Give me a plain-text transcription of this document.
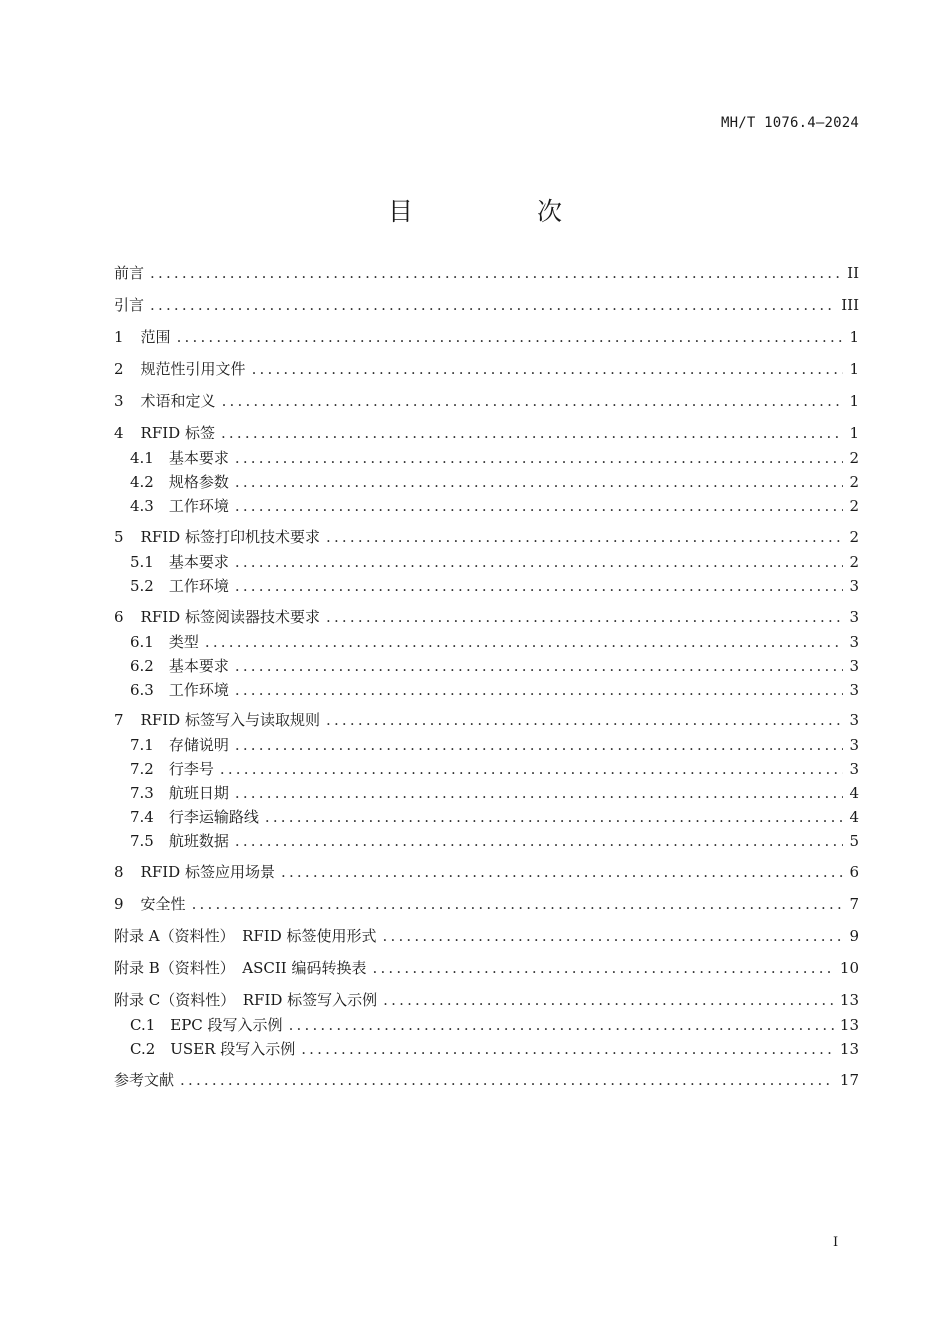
MH/T 1076.4—2024
目 次
前言 .....	II
引言 .....	III
1 范围 .....	1
2 规范性引用文件 .....	1
3 术语和定义 .....	1
4 RFID 标签 .....	1
4.1 基本要求 .....	2
4.2 规格参数 .....	2
4.3 工作环境 .....	2
5 RFID 标签打印机技术要求 .....	2
5.1 基本要求 .....	2
5.2 工作环境 .....	3
6 RFID 标签阅读器技术要求 .....	3
6.1 类型 .....	3
6.2 基本要求 .....	3
6.3 工作环境 .....	3
7 RFID 标签写入与读取规则 .....	3
7.1 存储说明 .....	3
7.2 行李号 .....	3
7.3 航班日期 .....	4
7.4 行李运输路线 .....	4
7.5 航班数据 .....	5
8 RFID 标签应用场景 .....	6
9 安全性 .....	7
附录 A（资料性）　RFID 标签使用形式 .....	9
附录 B（资料性）　ASCII 编码转换表 .....	10
附录 C（资料性）　RFID 标签写入示例 .....	13
C.1 EPC 段写入示例 .....	13
C.2 USER 段写入示例 .....	13
参考文献 .....	17
I
